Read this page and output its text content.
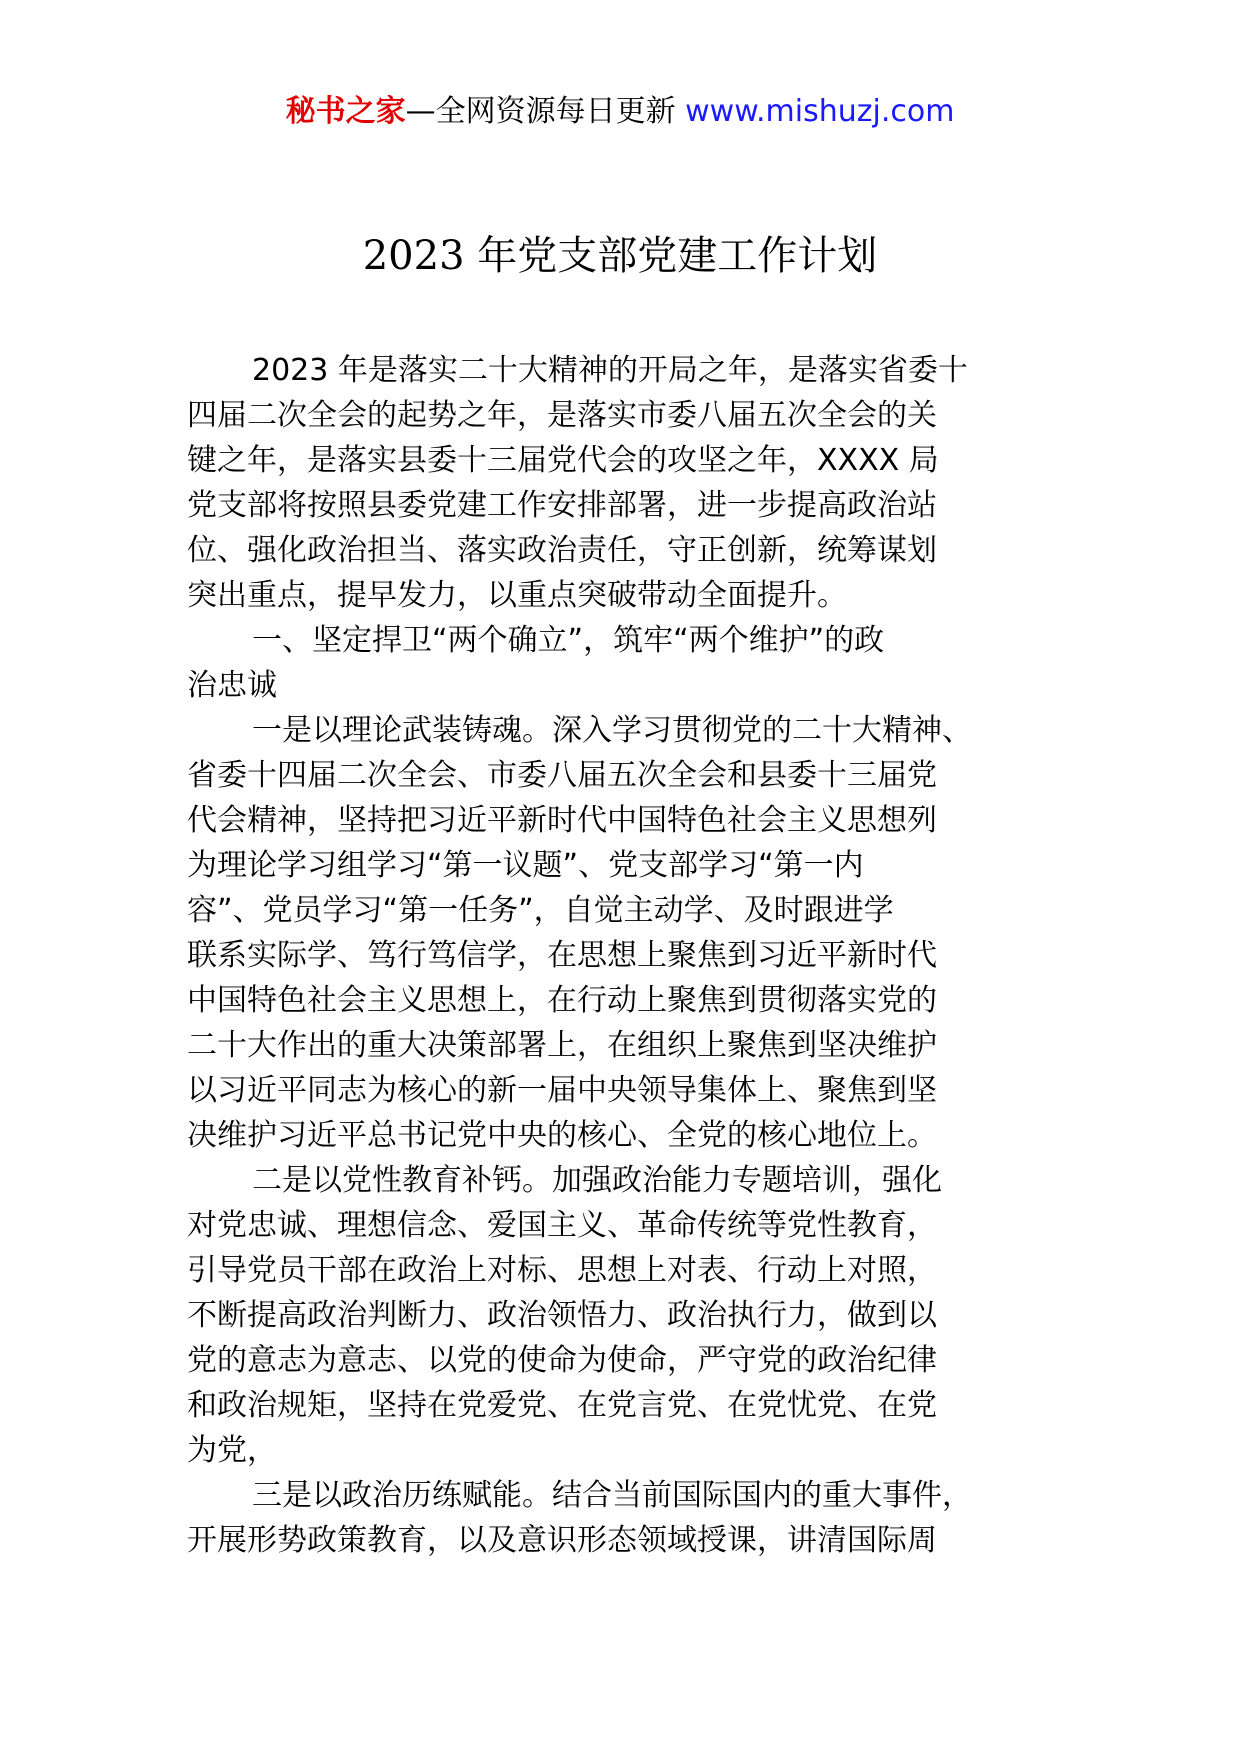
秘书之家—全网资源每日更新 www.mishuzj.com
2023 年党支部党建工作计划
2023 年是落实二十大精神的开局之年，是落实省委十
四届二次全会的起势之年，是落实市委八届五次全会的关
键之年，是落实县委十三届党代会的攻坚之年，XXXX 局
党支部将按照县委党建工作安排部署，进一步提高政治站
位、强化政治担当、落实政治责任，守正创新，统筹谋划
突出重点，提早发力，以重点突破带动全面提升。
一、坚定捍卫“两个确立”，筑牢“两个维护”的政
治忠诚
一是以理论武装铸魂。深入学习贯彻党的二十大精神、
省委十四届二次全会、市委八届五次全会和县委十三届党
代会精神，坚持把习近平新时代中国特色社会主义思想列
为理论学习组学习“第一议题”、党支部学习“第一内
容”、党员学习“第一任务”，自觉主动学、及时跟进学
联系实际学、笃行笃信学，在思想上聚焦到习近平新时代
中国特色社会主义思想上，在行动上聚焦到贯彻落实党的
二十大作出的重大决策部署上，在组织上聚焦到坚决维护
以习近平同志为核心的新一届中央领导集体上、聚焦到坚
决维护习近平总书记党中央的核心、全党的核心地位上。
二是以党性教育补钙。加强政治能力专题培训，强化
对党忠诚、理想信念、爱国主义、革命传统等党性教育，
引导党员干部在政治上对标、思想上对表、行动上对照，
不断提高政治判断力、政治领悟力、政治执行力，做到以
党的意志为意志、以党的使命为使命，严守党的政治纪律
和政治规矩，坚持在党爱党、在党言党、在党忧党、在党
为党，
三是以政治历练赋能。结合当前国际国内的重大事件，
开展形势政策教育，以及意识形态领域授课，讲清国际周
